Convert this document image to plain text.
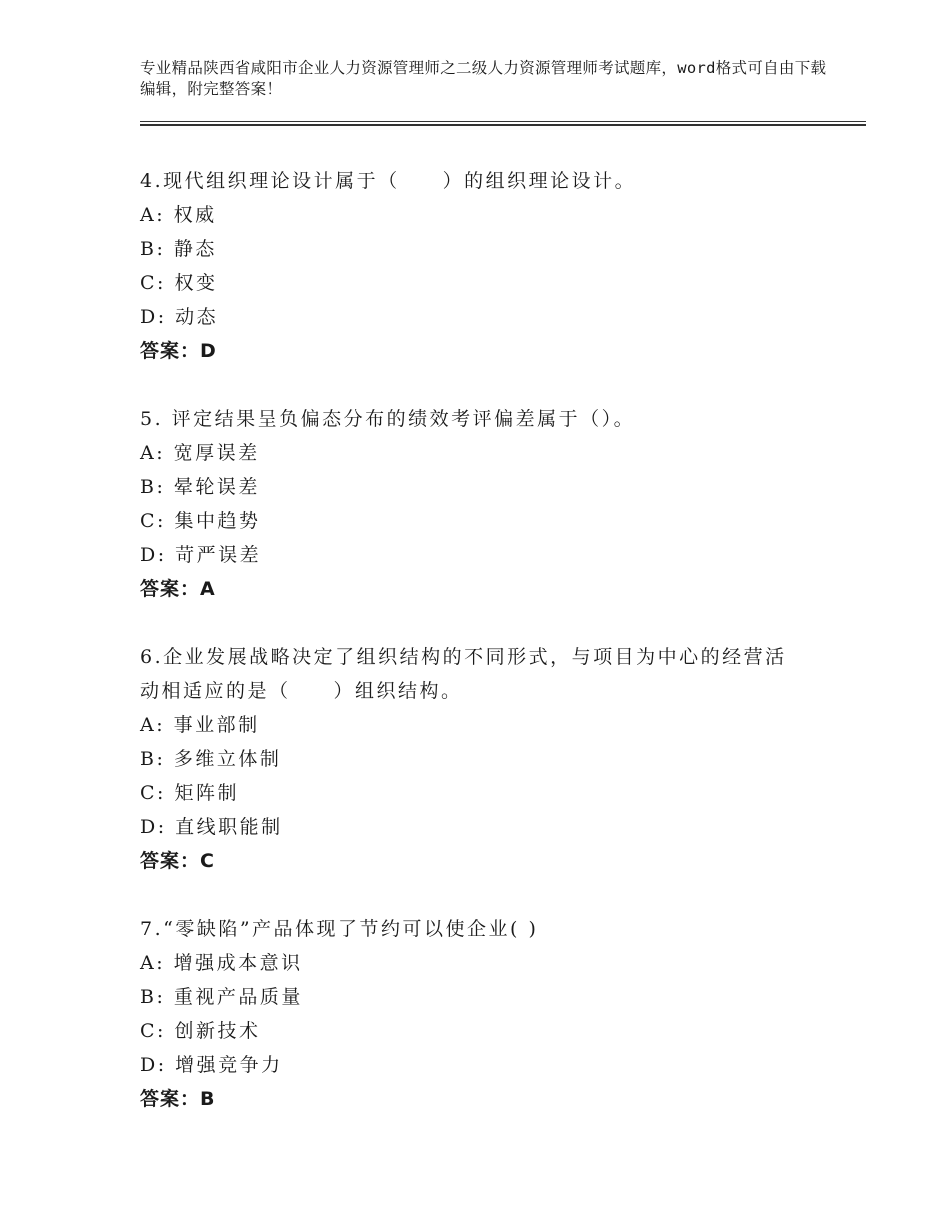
专业精品陕西省咸阳市企业人力资源管理师之二级人力资源管理师考试题库，word格式可自由下载编辑，附完整答案！
4.现代组织理论设计属于（　　）的组织理论设计。
A: 权威
B: 静态
C: 权变
D: 动态
答案：D
5. 评定结果呈负偏态分布的绩效考评偏差属于（）。
A: 宽厚误差
B: 晕轮误差
C: 集中趋势
D: 苛严误差
答案：A
6.企业发展战略决定了组织结构的不同形式，与项目为中心的经营活动相适应的是（　　）组织结构。
A: 事业部制
B: 多维立体制
C: 矩阵制
D: 直线职能制
答案：C
7.“零缺陷”产品体现了节约可以使企业( )
A: 增强成本意识
B: 重视产品质量
C: 创新技术
D: 增强竞争力
答案：B
